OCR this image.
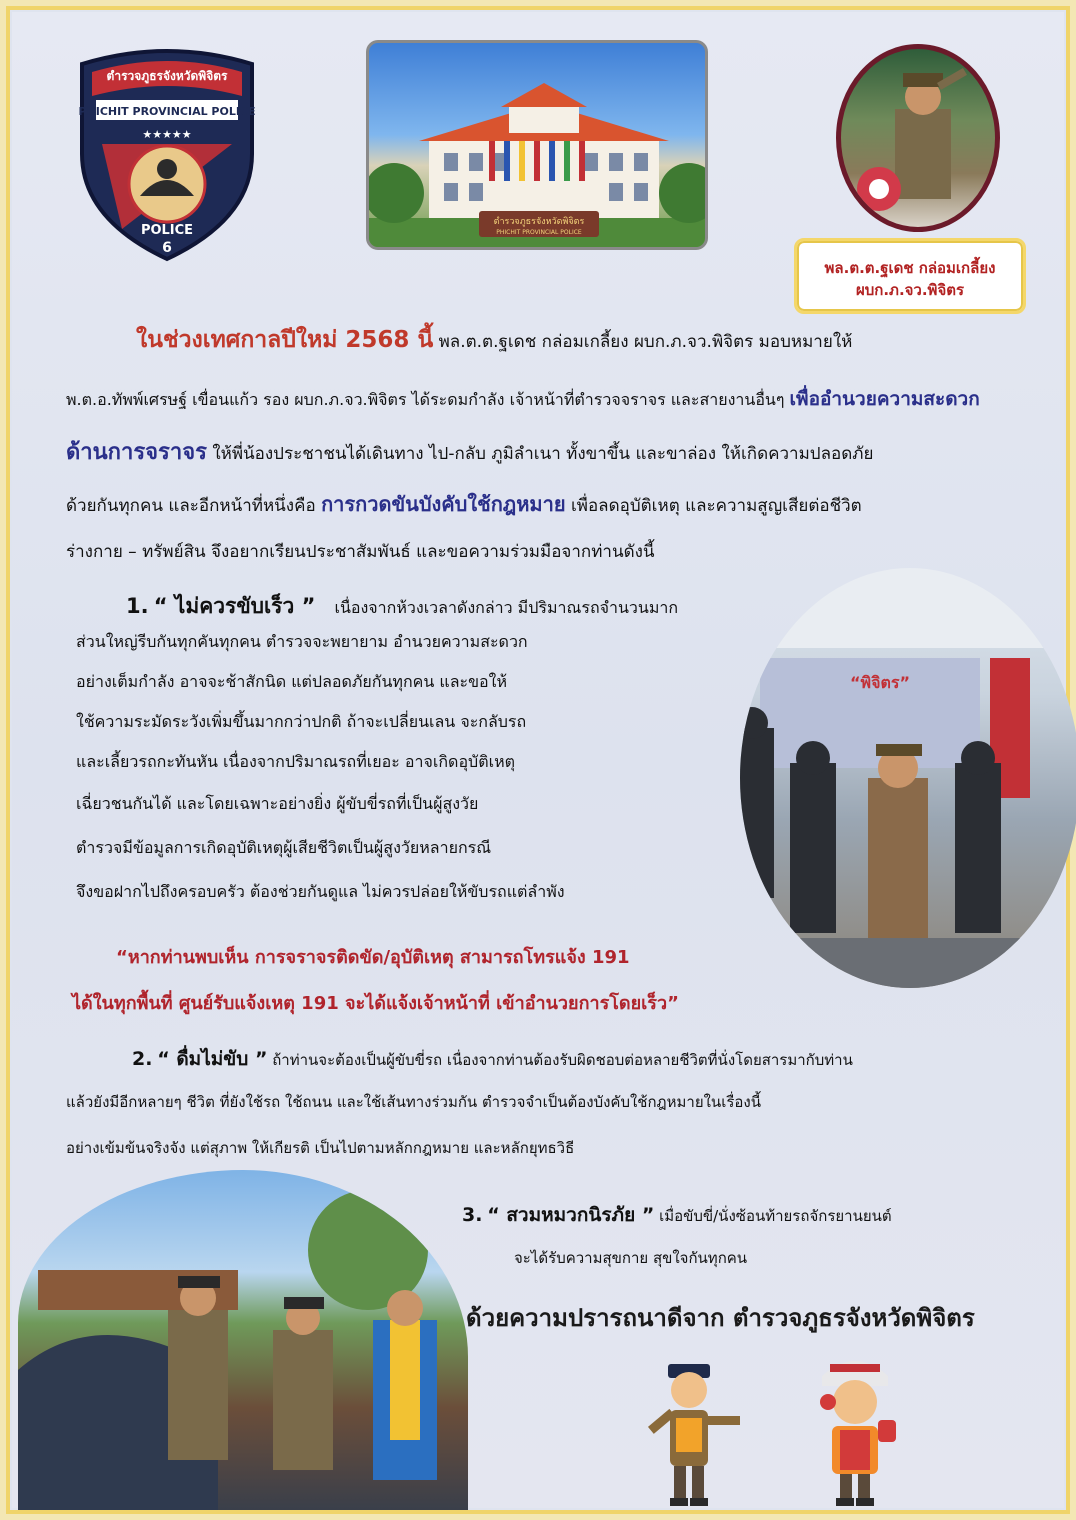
ตำรวจภูธรจังหวัดพิจิตร
PHICHIT PROVINCIAL POLICE
★★★★★
POLICE
6
ตำรวจภูธรจังหวัดพิจิตร
PHICHIT PROVINCIAL POLICE
พล.ต.ต.ฐเดช กล่อมเกลี้ยง
ผบก.ภ.จว.พิจิตร
ในช่วงเทศกาลปีใหม่ 2568 นี้ พล.ต.ต.ฐเดช กล่อมเกลี้ยง ผบก.ภ.จว.พิจิตร มอบหมายให้
พ.ต.อ.ทัพพ์เศรษฐ์ เขื่อนแก้ว รอง ผบก.ภ.จว.พิจิตร ได้ระดมกำลัง เจ้าหน้าที่ตำรวจจราจร และสายงานอื่นๆ เพื่ออำนวยความสะดวก
ด้านการจราจร ให้พี่น้องประชาชนได้เดินทาง ไป-กลับ ภูมิลำเนา ทั้งขาขึ้น และขาล่อง ให้เกิดความปลอดภัย
ด้วยกันทุกคน และอีกหน้าที่หนึ่งคือ การกวดขันบังคับใช้กฎหมาย เพื่อลดอุบัติเหตุ และความสูญเสียต่อชีวิต
ร่างกาย – ทรัพย์สิน จึงอยากเรียนประชาสัมพันธ์ และขอความร่วมมือจากท่านดังนี้
“พิจิตร”
1. “ ไม่ควรขับเร็ว ” เนื่องจากห้วงเวลาดังกล่าว มีปริมาณรถจำนวนมาก
ส่วนใหญ่รีบกันทุกคันทุกคน ตำรวจจะพยายาม อำนวยความสะดวก
อย่างเต็มกำลัง อาจจะช้าสักนิด แต่ปลอดภัยกันทุกคน และขอให้
ใช้ความระมัดระวังเพิ่มขึ้นมากกว่าปกติ ถ้าจะเปลี่ยนเลน จะกลับรถ
และเลี้ยวรถกะทันหัน เนื่องจากปริมาณรถที่เยอะ อาจเกิดอุบัติเหตุ
เฉี่ยวชนกันได้ และโดยเฉพาะอย่างยิ่ง ผู้ขับขี่รถที่เป็นผู้สูงวัย
ตำรวจมีข้อมูลการเกิดอุบัติเหตุผู้เสียชีวิตเป็นผู้สูงวัยหลายกรณี
จึงขอฝากไปถึงครอบครัว ต้องช่วยกันดูแล ไม่ควรปล่อยให้ขับรถแต่ลำพัง
“หากท่านพบเห็น การจราจรติดขัด/อุบัติเหตุ สามารถโทรแจ้ง 191
ได้ในทุกพื้นที่ ศูนย์รับแจ้งเหตุ 191 จะได้แจ้งเจ้าหน้าที่ เข้าอำนวยการโดยเร็ว”
2. “ ดื่มไม่ขับ ” ถ้าท่านจะต้องเป็นผู้ขับขี่รถ เนื่องจากท่านต้องรับผิดชอบต่อหลายชีวิตที่นั่งโดยสารมากับท่าน
แล้วยังมีอีกหลายๆ ชีวิต ที่ยังใช้รถ ใช้ถนน และใช้เส้นทางร่วมกัน ตำรวจจำเป็นต้องบังคับใช้กฎหมายในเรื่องนี้
อย่างเข้มข้นจริงจัง แต่สุภาพ ให้เกียรติ เป็นไปตามหลักกฎหมาย และหลักยุทธวิธี
3. “ สวมหมวกนิรภัย ” เมื่อขับขี่/นั่งซ้อนท้ายรถจักรยานยนต์
จะได้รับความสุขกาย สุขใจกันทุกคน
ด้วยความปรารถนาดีจาก ตำรวจภูธรจังหวัดพิจิตร
